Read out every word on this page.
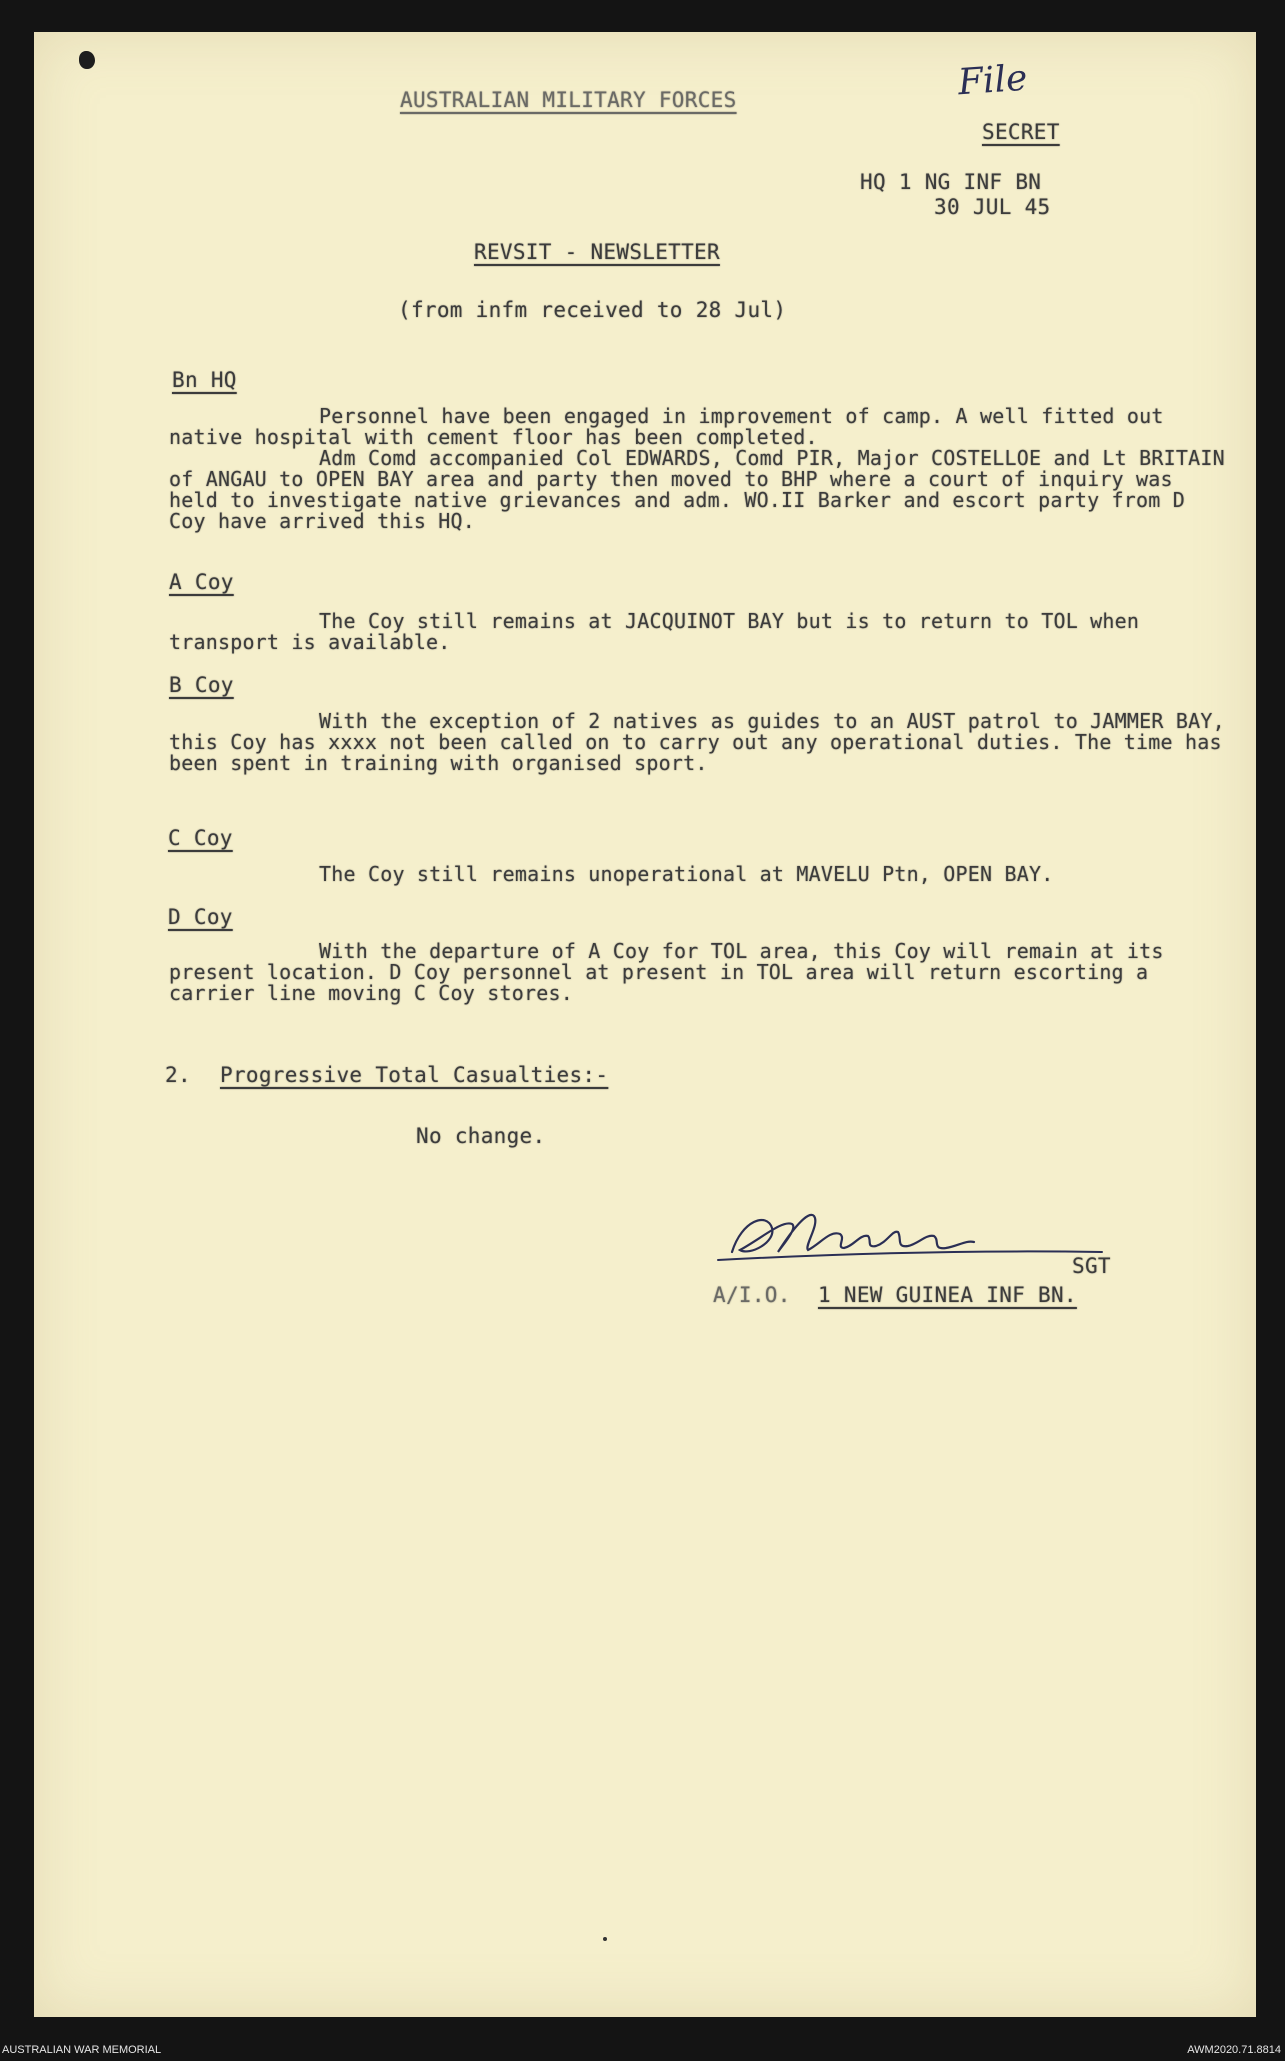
AUSTRALIAN MILITARY FORCES	File
SECRET
HQ 1 NG INF BN
30 JUL 45
REVSIT - NEWSLETTER
(from infm received to 28 Jul)
Bn HQ

Personnel have been engaged in improvement of camp. A well fitted out native hospital with cement floor has been completed.

Adm Comd accompanied Col EDWARDS, Comd PIR, Major COSTELLOE and Lt BRITAIN of ANGAU to OPEN BAY area and party then moved to BHP where a court of inquiry was held to investigate native grievances and adm. WO.II Barker and escort party from D Coy have arrived this HQ.

A Coy

The Coy still remains at JACQUINOT BAY but is to return to TOL when transport is available.

B Coy

With the exception of 2 natives as guides to an AUST patrol to JAMMER BAY, this Coy has xxxx not been called on to carry out any operational duties. The time has been spent in training with organised sport.

C Coy

The Coy still remains unoperational at MAVELU Ptn, OPEN BAY.

D Coy

With the departure of A Coy for TOL area, this Coy will remain at its present location. D Coy personnel at present in TOL area will return escorting a carrier line moving C Coy stores.

2. Progressive Total Casualties:-
No change.
SGT
A/I.O. 1 NEW GUINEA INF BN.
AUSTRALIAN WAR MEMORIAL	AWM2020.71.8814
